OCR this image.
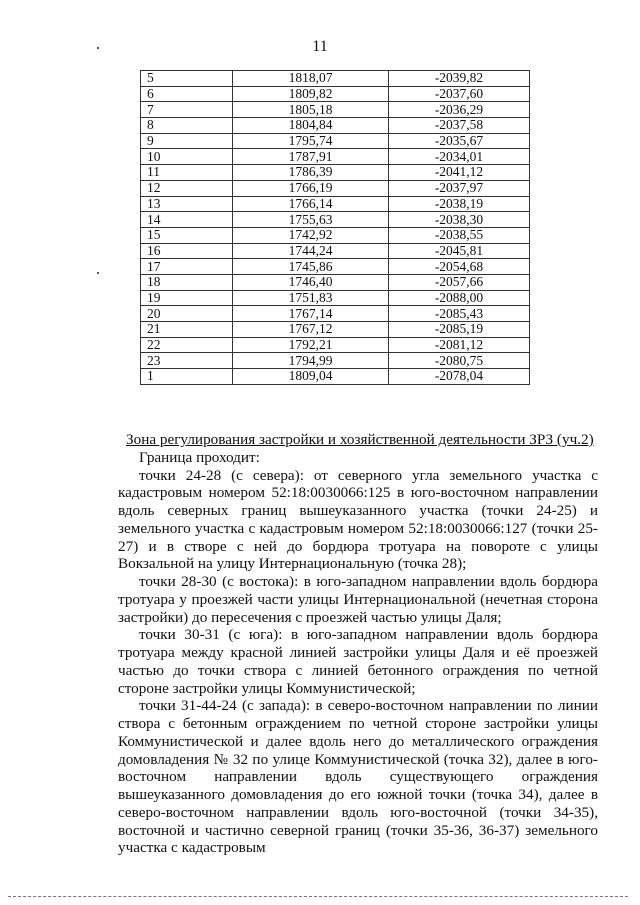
11
5	1818,07	-2039,82
6	1809,82	-2037,60
7	1805,18	-2036,29
8	1804,84	-2037,58
9	1795,74	-2035,67
10	1787,91	-2034,01
11	1786,39	-2041,12
12	1766,19	-2037,97
13	1766,14	-2038,19
14	1755,63	-2038,30
15	1742,92	-2038,55
16	1744,24	-2045,81
17	1745,86	-2054,68
18	1746,40	-2057,66
19	1751,83	-2088,00
20	1767,14	-2085,43
21	1767,12	-2085,19
22	1792,21	-2081,12
23	1794,99	-2080,75
1	1809,04	-2078,04

Зона регулирования застройки и хозяйственной деятельности ЗРЗ (уч.2)

Граница проходит:

точки 24-28 (с севера): от северного угла земельного участка с кадастровым номером 52:18:0030066:125 в юго-восточном направлении вдоль северных границ вышеуказанного участка (точки 24-25) и земельного участка с кадастровым номером 52:18:0030066:127 (точки 25-27) и в створе с ней до бордюра тротуара на повороте с улицы Вокзальной на улицу Интернациональную (точка 28);

точки 28-30 (с востока): в юго-западном направлении вдоль бордюра тротуара у проезжей части улицы Интернациональной (нечетная сторона застройки) до пересечения с проезжей частью улицы Даля;

точки 30-31 (с юга): в юго-западном направлении вдоль бордюра тротуара между красной линией застройки улицы Даля и её проезжей частью до точки створа с линией бетонного ограждения по четной стороне застройки улицы Коммунистической;

точки 31-44-24 (с запада): в северо-восточном направлении по линии створа с бетонным ограждением по четной стороне застройки улицы Коммунистической и далее вдоль него до металлического ограждения домовладения № 32 по улице Коммунистической (точка 32), далее в юго-восточном направлении вдоль существующего ограждения вышеуказанного домовладения до его южной точки (точка 34), далее в северо-восточном направлении вдоль юго-восточной (точки 34-35), восточной и частично северной границ (точки 35-36, 36-37) земельного участка с кадастровым
